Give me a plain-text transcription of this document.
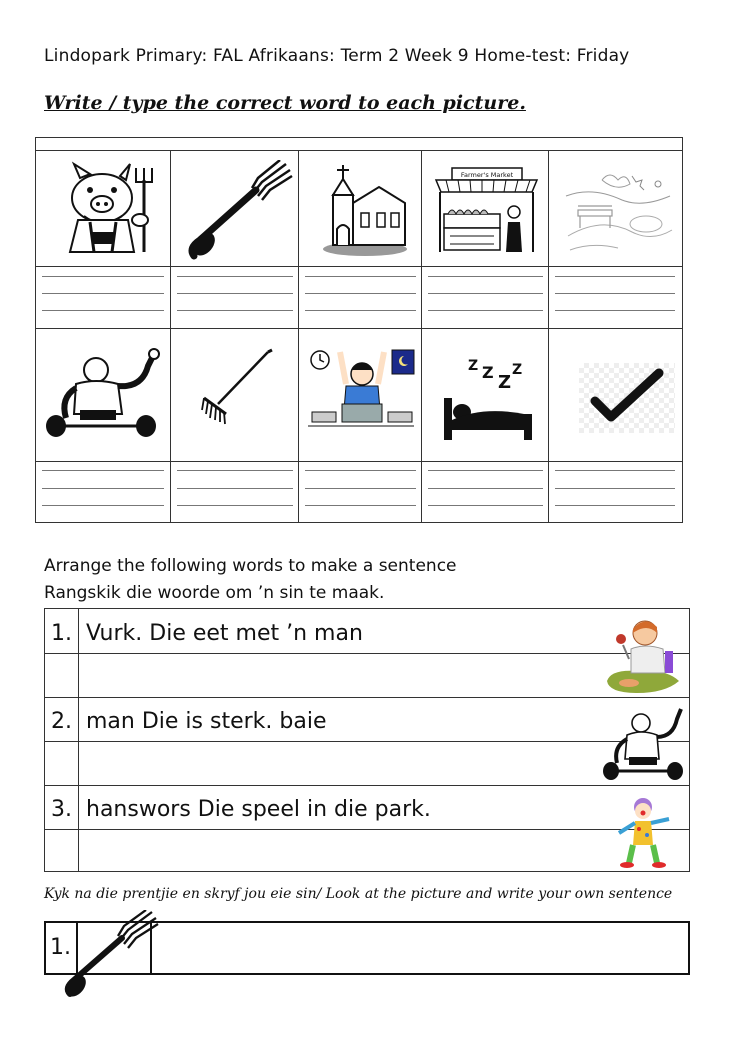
Lindopark Primary: FAL Afrikaans: Term 2 Week 9 Home-test: Friday
Write / type the correct word to each picture.
Farmer's Market
Z Z Z
Z
Arrange the following words to make a sentence
Rangskik die woorde om ’n sin te maak.
1. Vurk. Die eet met ’n man
2. man Die is sterk. baie
3. hanswors Die speel in die park.
Kyk na die prentjie en skryf jou eie sin/ Look at the picture and write your own sentence
1.
